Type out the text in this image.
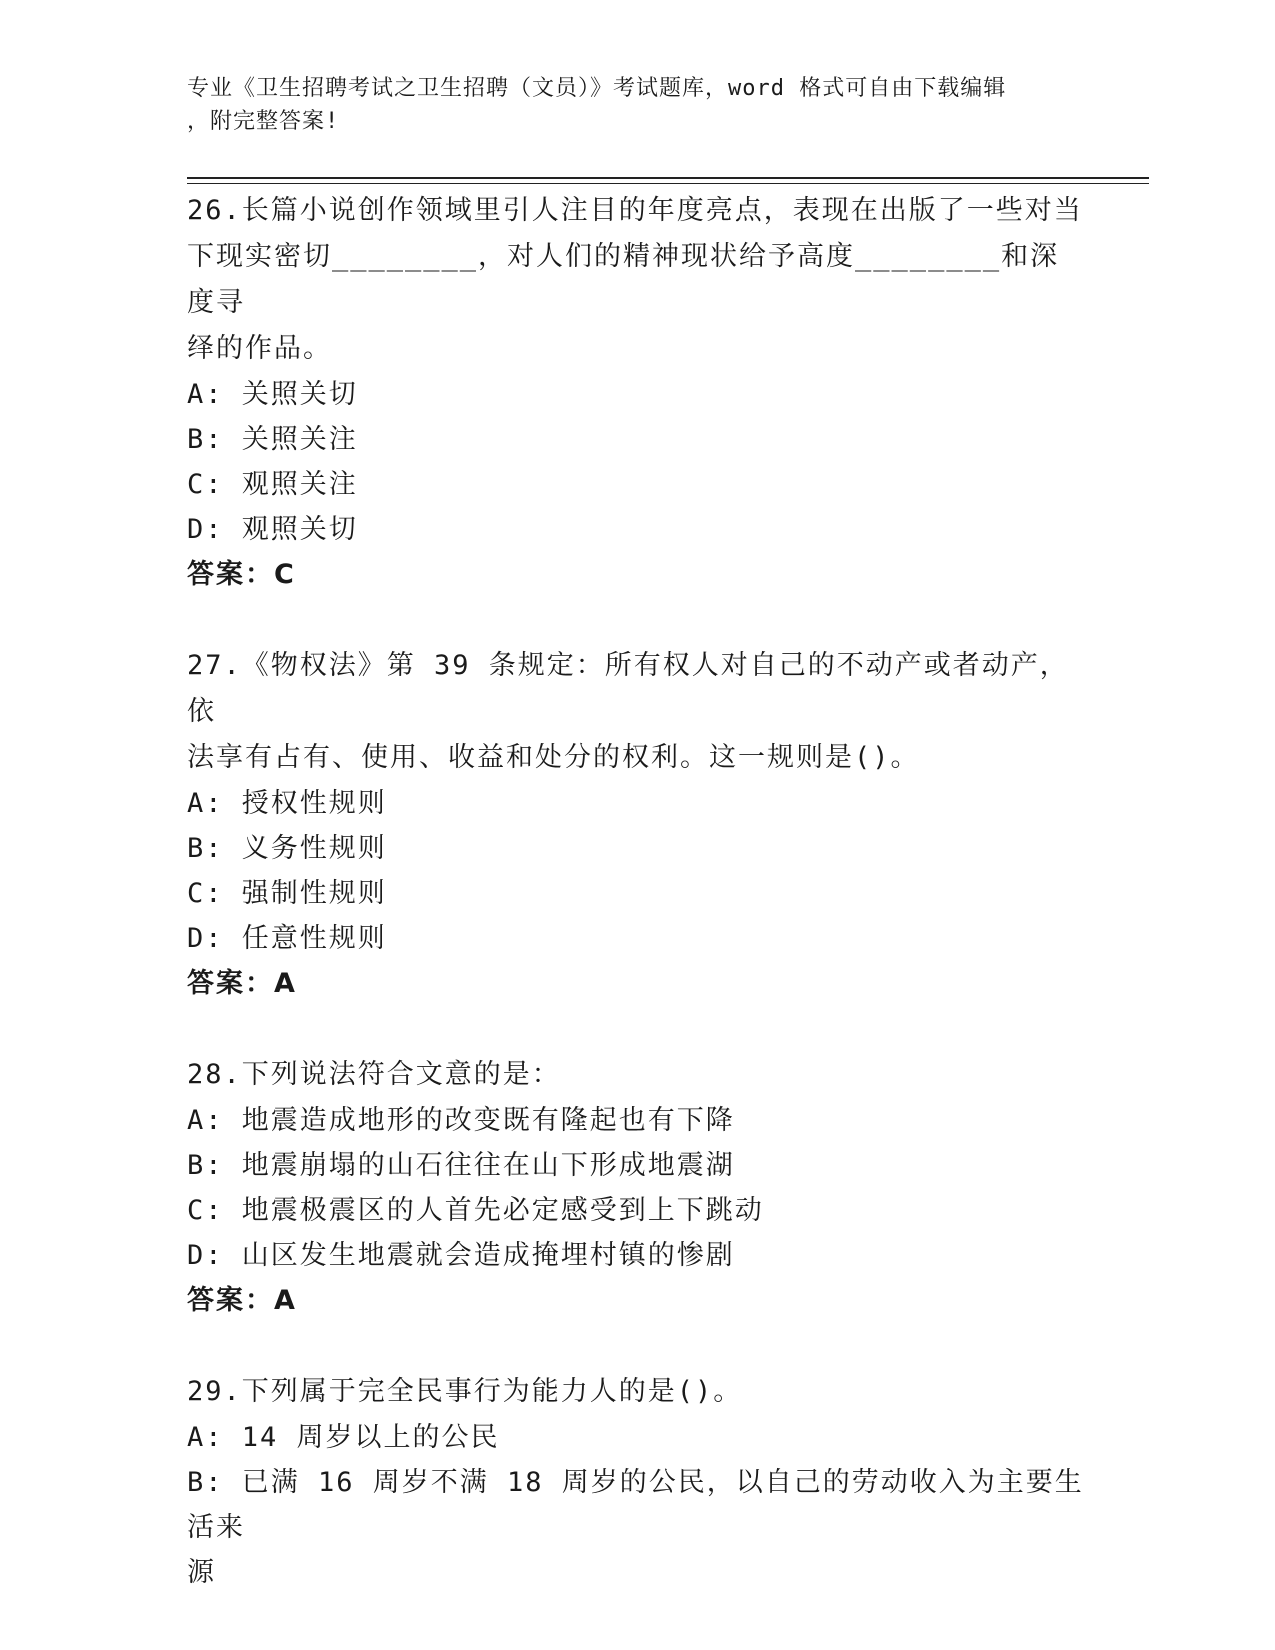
专业《卫生招聘考试之卫生招聘（文员）》考试题库，word 格式可自由下载编辑
，附完整答案!
26.长篇小说创作领域里引人注目的年度亮点，表现在出版了一些对当
下现实密切________，对人们的精神现状给予高度________和深度寻
绎的作品。
A: 关照关切
B: 关照关注
C: 观照关注
D: 观照关切
答案：C
27.《物权法》第 39 条规定：所有权人对自己的不动产或者动产，依
法享有占有、使用、收益和处分的权利。这一规则是()。
A: 授权性规则
B: 义务性规则
C: 强制性规则
D: 任意性规则
答案：A
28.下列说法符合文意的是：
A: 地震造成地形的改变既有隆起也有下降
B: 地震崩塌的山石往往在山下形成地震湖
C: 地震极震区的人首先必定感受到上下跳动
D: 山区发生地震就会造成掩埋村镇的惨剧
答案：A
29.下列属于完全民事行为能力人的是()。
A: 14 周岁以上的公民
B: 已满 16 周岁不满 18 周岁的公民，以自己的劳动收入为主要生活来
源
